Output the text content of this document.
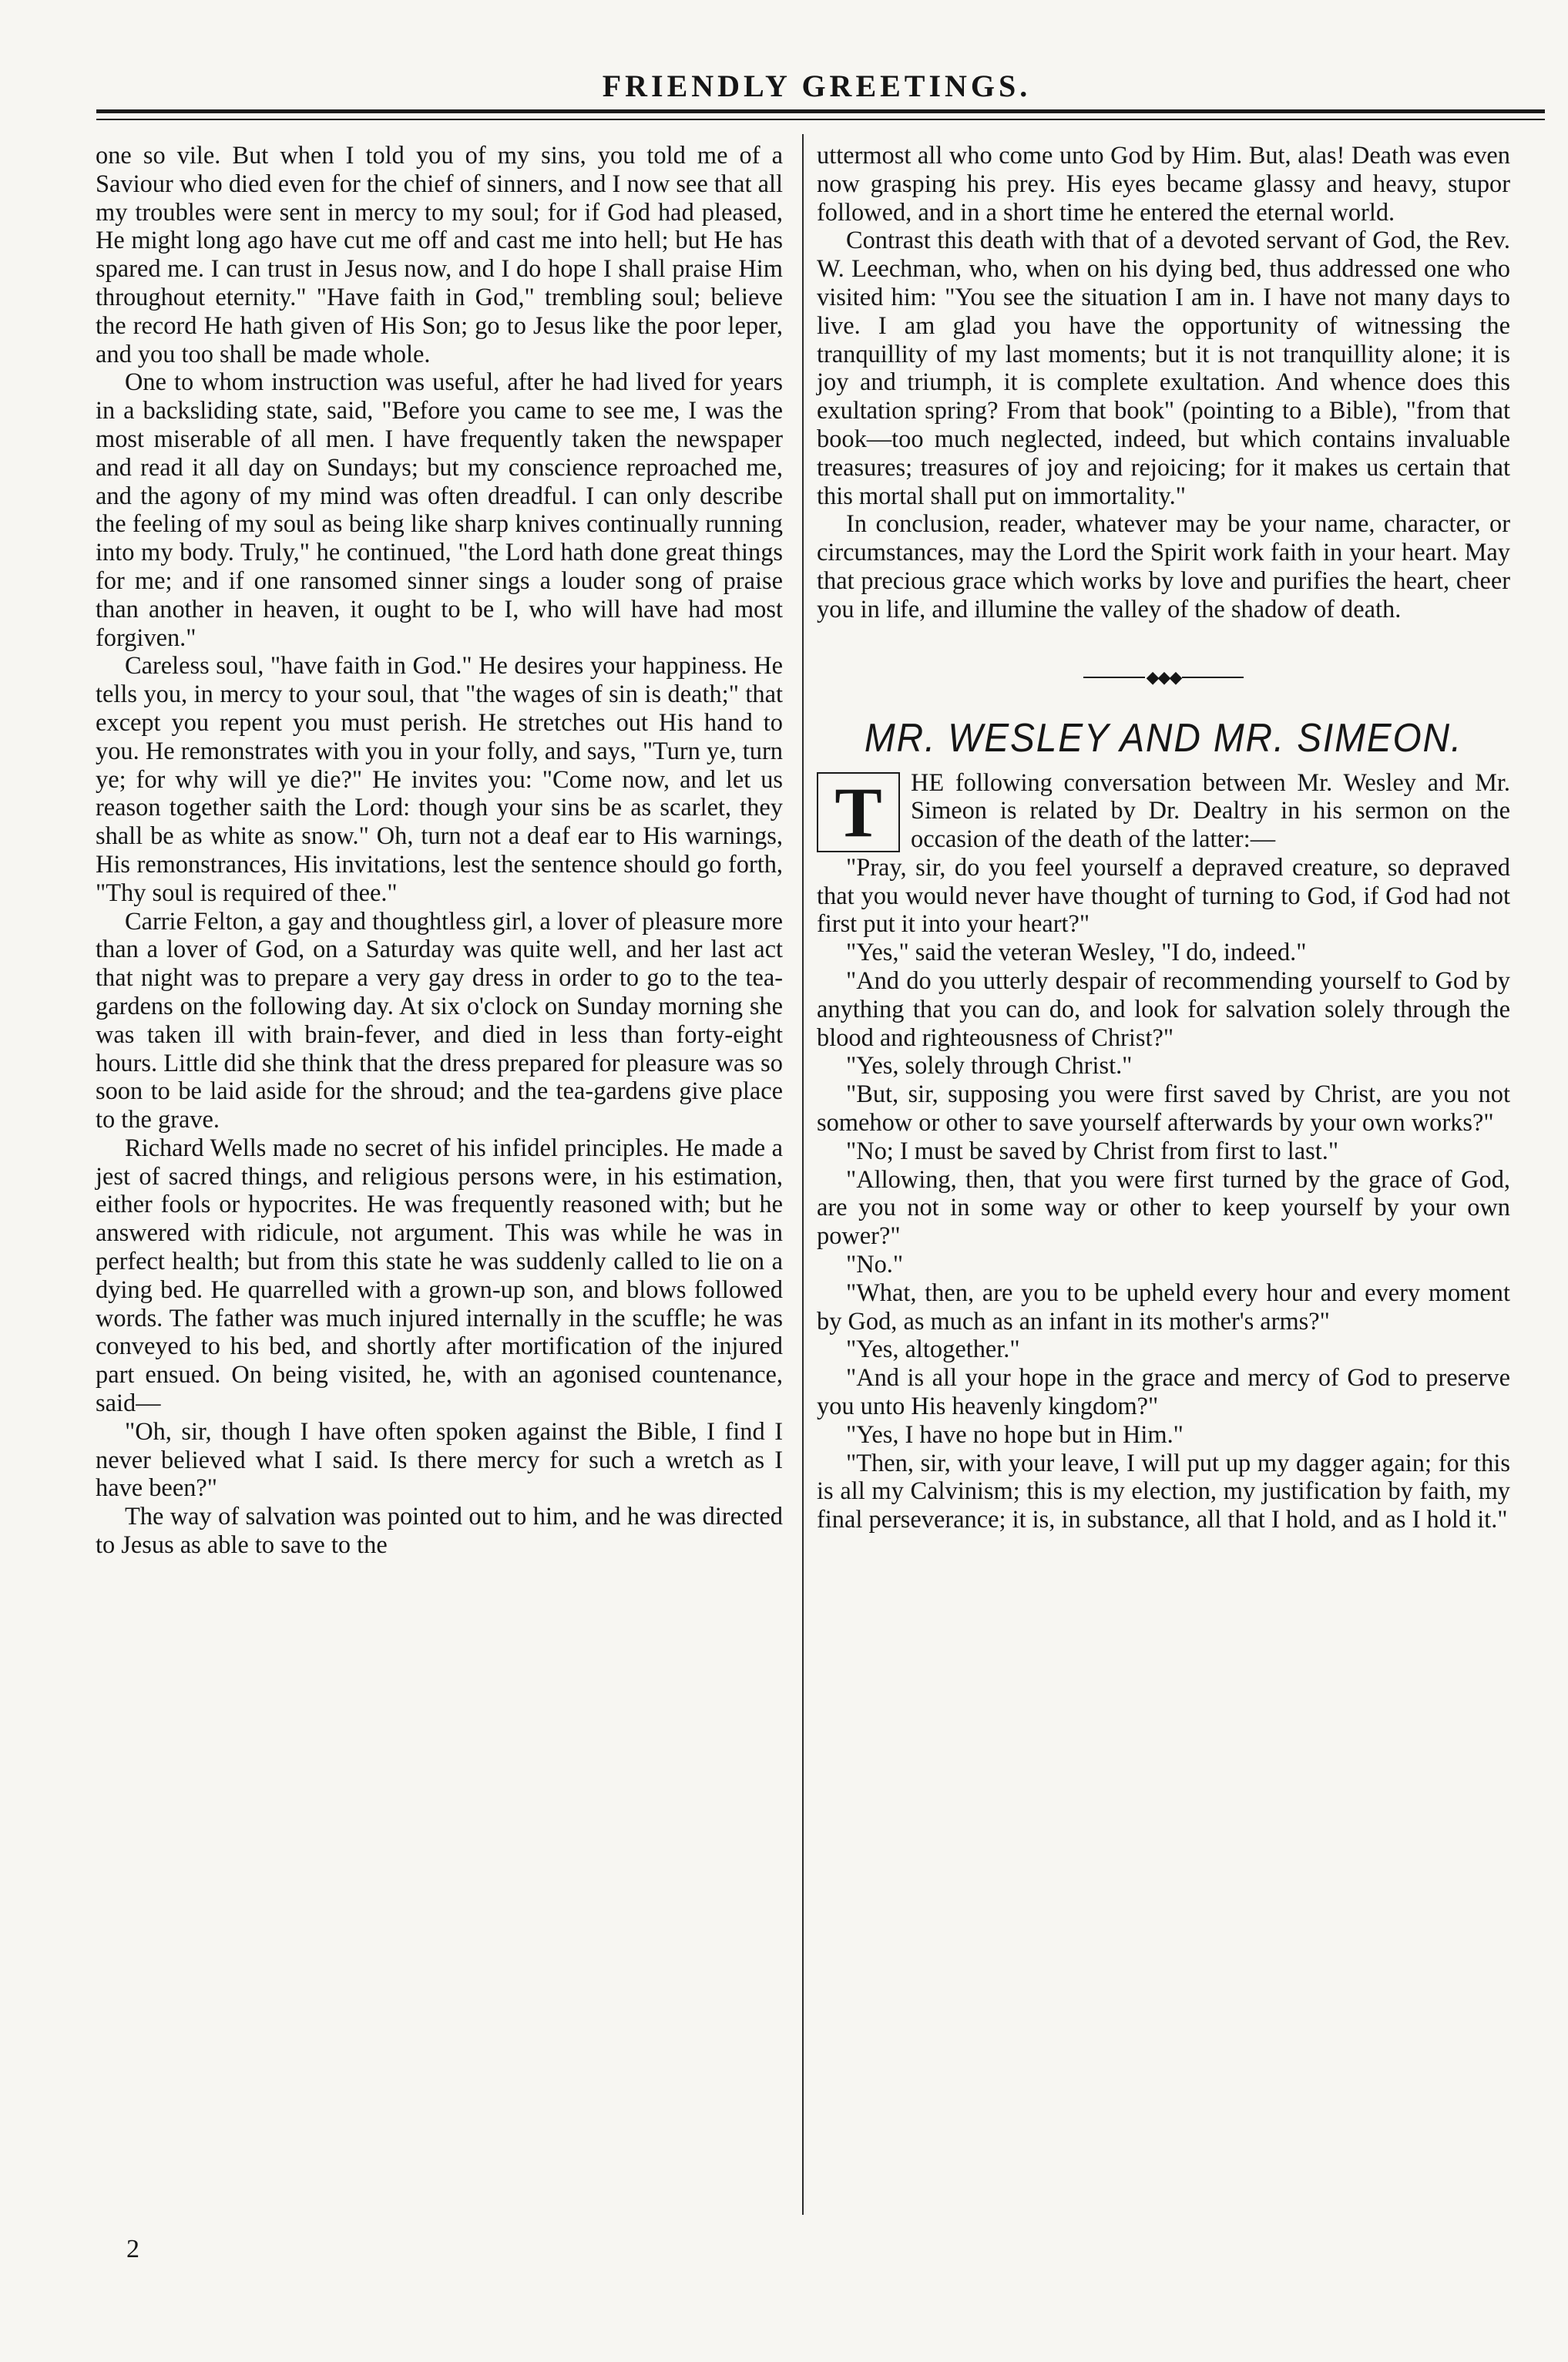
FRIENDLY GREETINGS.

one so vile. But when I told you of my sins, you told me of a Saviour who died even for the chief of sinners, and I now see that all my troubles were sent in mercy to my soul; for if God had pleased, He might long ago have cut me off and cast me into hell; but He has spared me. I can trust in Jesus now, and I do hope I shall praise Him throughout eternity." "Have faith in God," trembling soul; believe the record He hath given of His Son; go to Jesus like the poor leper, and you too shall be made whole.

One to whom instruction was useful, after he had lived for years in a backsliding state, said, "Before you came to see me, I was the most miserable of all men. I have frequently taken the newspaper and read it all day on Sundays; but my conscience reproached me, and the agony of my mind was often dreadful. I can only describe the feeling of my soul as being like sharp knives continually running into my body. Truly," he continued, "the Lord hath done great things for me; and if one ransomed sinner sings a louder song of praise than another in heaven, it ought to be I, who will have had most forgiven."

Careless soul, "have faith in God." He desires your happiness. He tells you, in mercy to your soul, that "the wages of sin is death;" that except you repent you must perish. He stretches out His hand to you. He remonstrates with you in your folly, and says, "Turn ye, turn ye; for why will ye die?" He invites you: "Come now, and let us reason together saith the Lord: though your sins be as scarlet, they shall be as white as snow." Oh, turn not a deaf ear to His warnings, His remonstrances, His invitations, lest the sentence should go forth, "Thy soul is required of thee."

Carrie Felton, a gay and thoughtless girl, a lover of pleasure more than a lover of God, on a Saturday was quite well, and her last act that night was to prepare a very gay dress in order to go to the tea-gardens on the following day. At six o'clock on Sunday morning she was taken ill with brain-fever, and died in less than forty-eight hours. Little did she think that the dress prepared for pleasure was so soon to be laid aside for the shroud; and the tea-gardens give place to the grave.

Richard Wells made no secret of his infidel principles. He made a jest of sacred things, and religious persons were, in his estimation, either fools or hypocrites. He was frequently reasoned with; but he answered with ridicule, not argument. This was while he was in perfect health; but from this state he was suddenly called to lie on a dying bed. He quarrelled with a grown-up son, and blows followed words. The father was much injured internally in the scuffle; he was conveyed to his bed, and shortly after mortification of the injured part ensued. On being visited, he, with an agonised countenance, said—

"Oh, sir, though I have often spoken against the Bible, I find I never believed what I said. Is there mercy for such a wretch as I have been?"

The way of salvation was pointed out to him, and he was directed to Jesus as able to save to the

uttermost all who come unto God by Him. But, alas! Death was even now grasping his prey. His eyes became glassy and heavy, stupor followed, and in a short time he entered the eternal world.

Contrast this death with that of a devoted servant of God, the Rev. W. Leechman, who, when on his dying bed, thus addressed one who visited him: "You see the situation I am in. I have not many days to live. I am glad you have the opportunity of witnessing the tranquillity of my last moments; but it is not tranquillity alone; it is joy and triumph, it is complete exultation. And whence does this exultation spring? From that book" (pointing to a Bible), "from that book—too much neglected, indeed, but which contains invaluable treasures; treasures of joy and rejoicing; for it makes us certain that this mortal shall put on immortality."

In conclusion, reader, whatever may be your name, character, or circumstances, may the Lord the Spirit work faith in your heart. May that precious grace which works by love and purifies the heart, cheer you in life, and illumine the valley of the shadow of death.

◆◆◆
MR. WESLEY AND MR. SIMEON.

T	HE following conversation between Mr. Wesley and Mr. Simeon is related by Dr. Dealtry in his sermon on the occasion of the death of the latter:—

"Pray, sir, do you feel yourself a depraved creature, so depraved that you would never have thought of turning to God, if God had not first put it into your heart?"

"Yes," said the veteran Wesley, "I do, indeed."

"And do you utterly despair of recommending yourself to God by anything that you can do, and look for salvation solely through the blood and righteousness of Christ?"

"Yes, solely through Christ."

"But, sir, supposing you were first saved by Christ, are you not somehow or other to save yourself afterwards by your own works?"

"No; I must be saved by Christ from first to last."

"Allowing, then, that you were first turned by the grace of God, are you not in some way or other to keep yourself by your own power?"

"No."

"What, then, are you to be upheld every hour and every moment by God, as much as an infant in its mother's arms?"

"Yes, altogether."

"And is all your hope in the grace and mercy of God to preserve you unto His heavenly kingdom?"

"Yes, I have no hope but in Him."

"Then, sir, with your leave, I will put up my dagger again; for this is all my Calvinism; this is my election, my justification by faith, my final perseverance; it is, in substance, all that I hold, and as I hold it."

2
